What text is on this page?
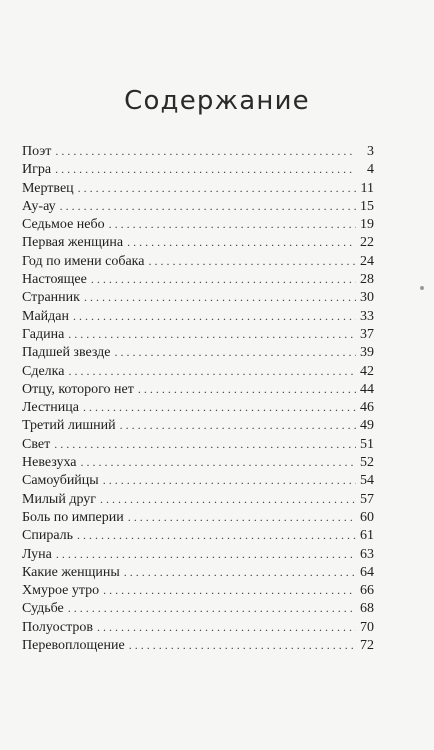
Содержание
Поэт . . .	3
Игра . . .	4
Мертвец . . .	11
Ау-ау . . .	15
Седьмое небо . . .	19
Первая женщина . . .	22
Год по имени собака . . .	24
Настоящее . . .	28
Странник . . .	30
Майдан . . .	33
Гадина . . .	37
Падшей звезде . . .	39
Сделка . . .	42
Отцу, которого нет . . .	44
Лестница . . .	46
Третий лишний . . .	49
Свет . . .	51
Невезуха . . .	52
Самоубийцы . . .	54
Милый друг . . .	57
Боль по империи . . .	60
Спираль . . .	61
Луна . . .	63
Какие женщины . . .	64
Хмурое утро . . .	66
Судьбе . . .	68
Полуостров . . .	70
Перевоплощение . . .	72
